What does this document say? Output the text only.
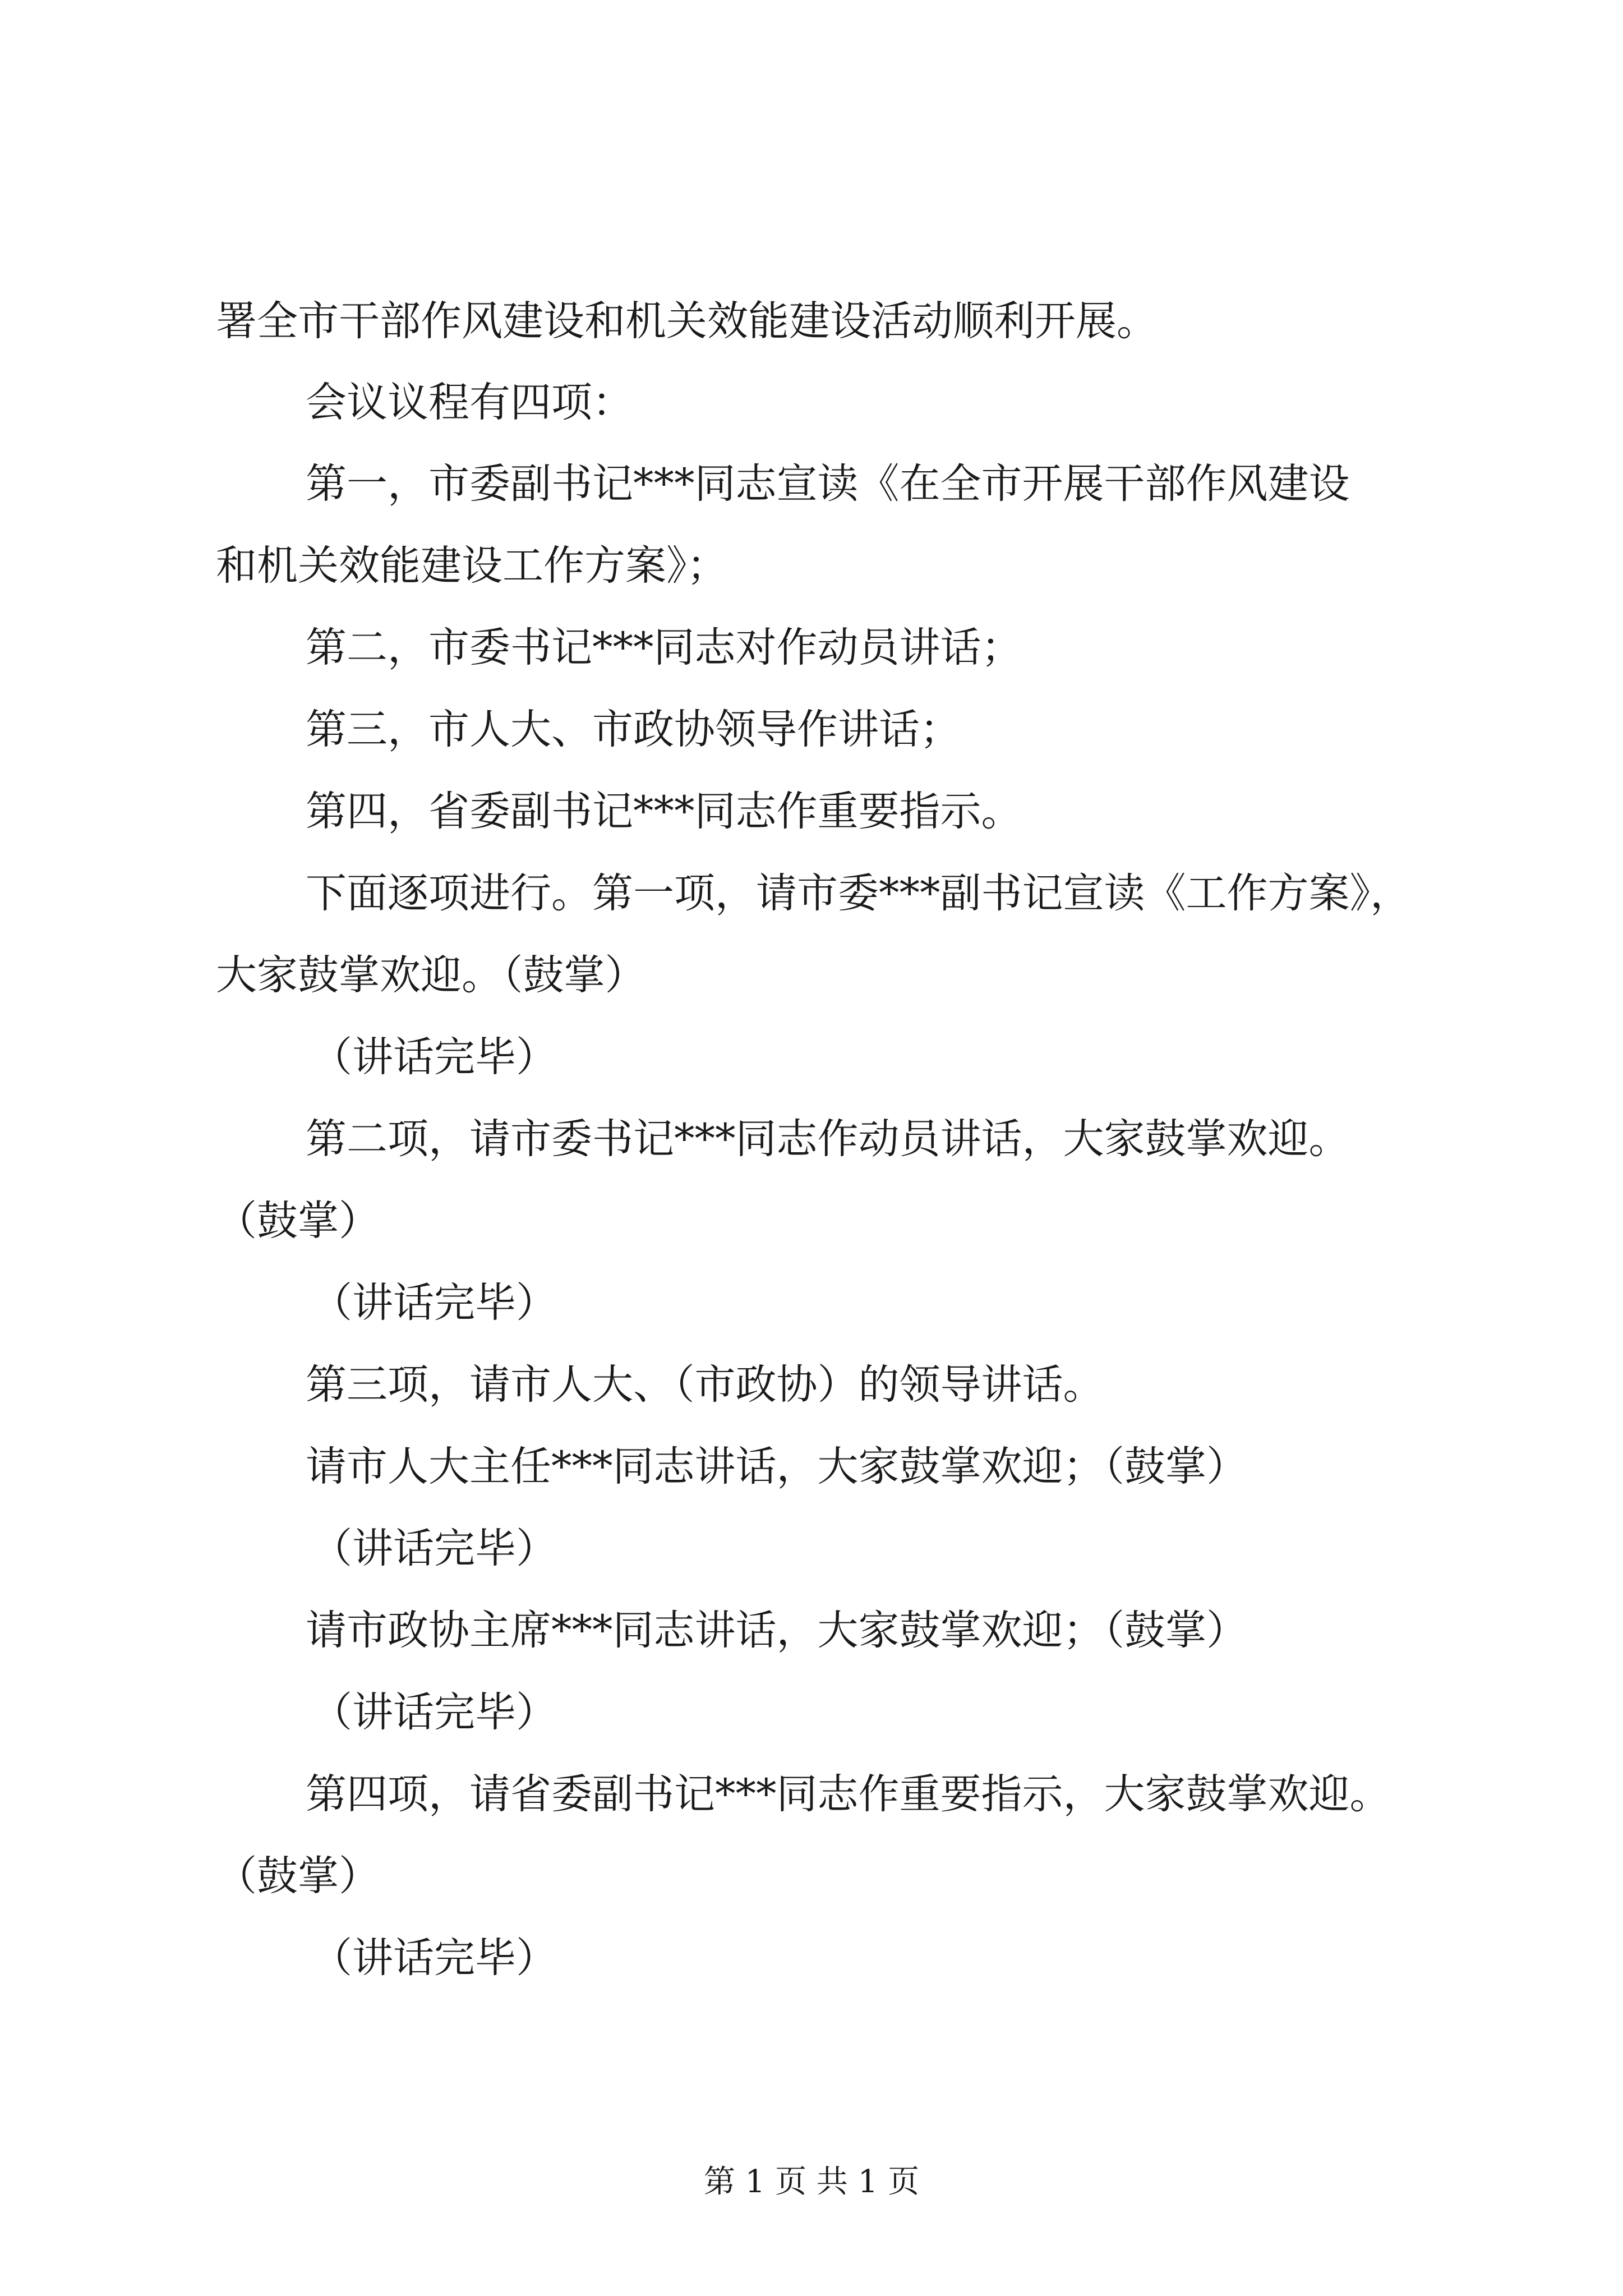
署全市干部作风建设和机关效能建设活动顺利开展。
会议议程有四项：
第一，市委副书记***同志宣读《在全市开展干部作风建设
和机关效能建设工作方案》；
第二，市委书记***同志对作动员讲话；
第三，市人大、市政协领导作讲话；
第四，省委副书记***同志作重要指示。
下面逐项进行。第一项，请市委***副书记宣读《工作方案》，
大家鼓掌欢迎。（鼓掌）
（讲话完毕）
第二项，请市委书记***同志作动员讲话，大家鼓掌欢迎。
（鼓掌）
（讲话完毕）
第三项，请市人大、（市政协）的领导讲话。
请市人大主任***同志讲话，大家鼓掌欢迎；（鼓掌）
（讲话完毕）
请市政协主席***同志讲话，大家鼓掌欢迎；（鼓掌）
（讲话完毕）
第四项，请省委副书记***同志作重要指示，大家鼓掌欢迎。
（鼓掌）
（讲话完毕）
第 1 页 共 1 页
